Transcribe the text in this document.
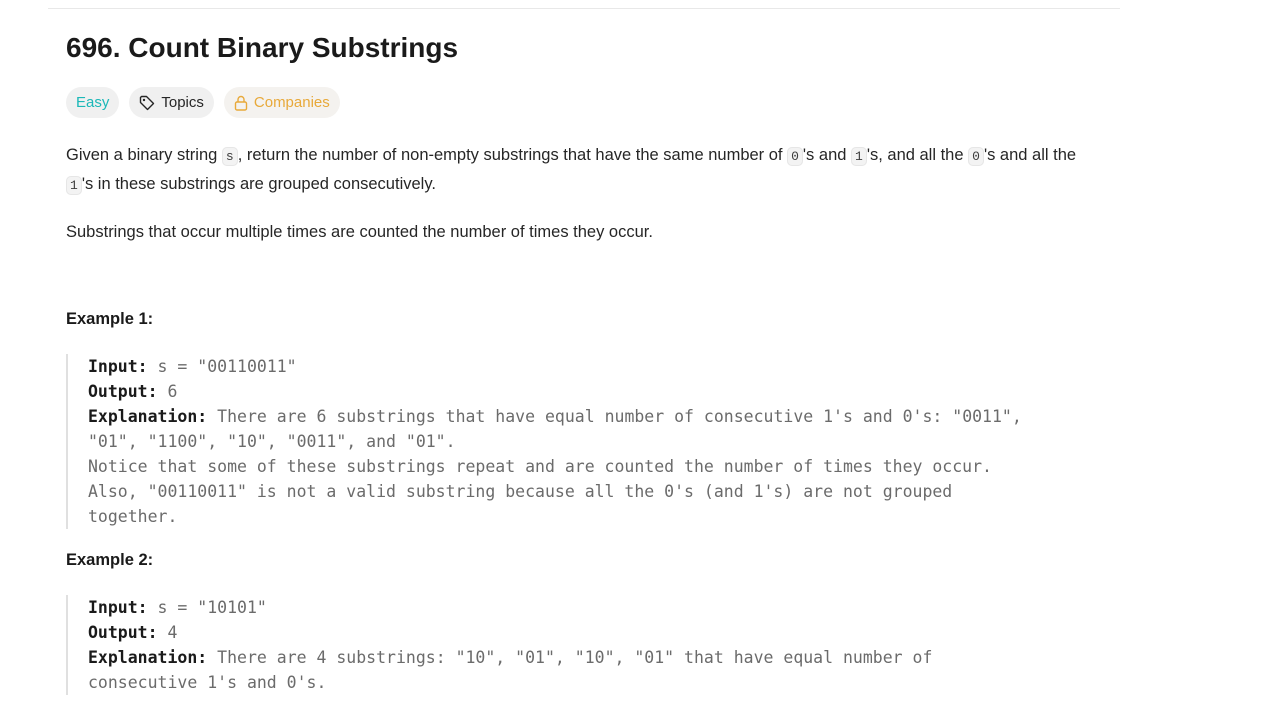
696. Count Binary Substrings
Easy	Topics	Companies

Given a binary string s , return the number of non-empty substrings that have the same number of 0 's and 1 's, and all the 0 's and all the 1 's in these substrings are grouped consecutively.

Substrings that occur multiple times are counted the number of times they occur.

Example 1:
Input: s = "00110011"
Output: 6
Explanation: There are 6 substrings that have equal number of consecutive 1's and 0's: "0011",
"01", "1100", "10", "0011", and "01".
Notice that some of these substrings repeat and are counted the number of times they occur.
Also, "00110011" is not a valid substring because all the 0's (and 1's) are not grouped
together.
Example 2:
Input: s = "10101"
Output: 4
Explanation: There are 4 substrings: "10", "01", "10", "01" that have equal number of
consecutive 1's and 0's.
